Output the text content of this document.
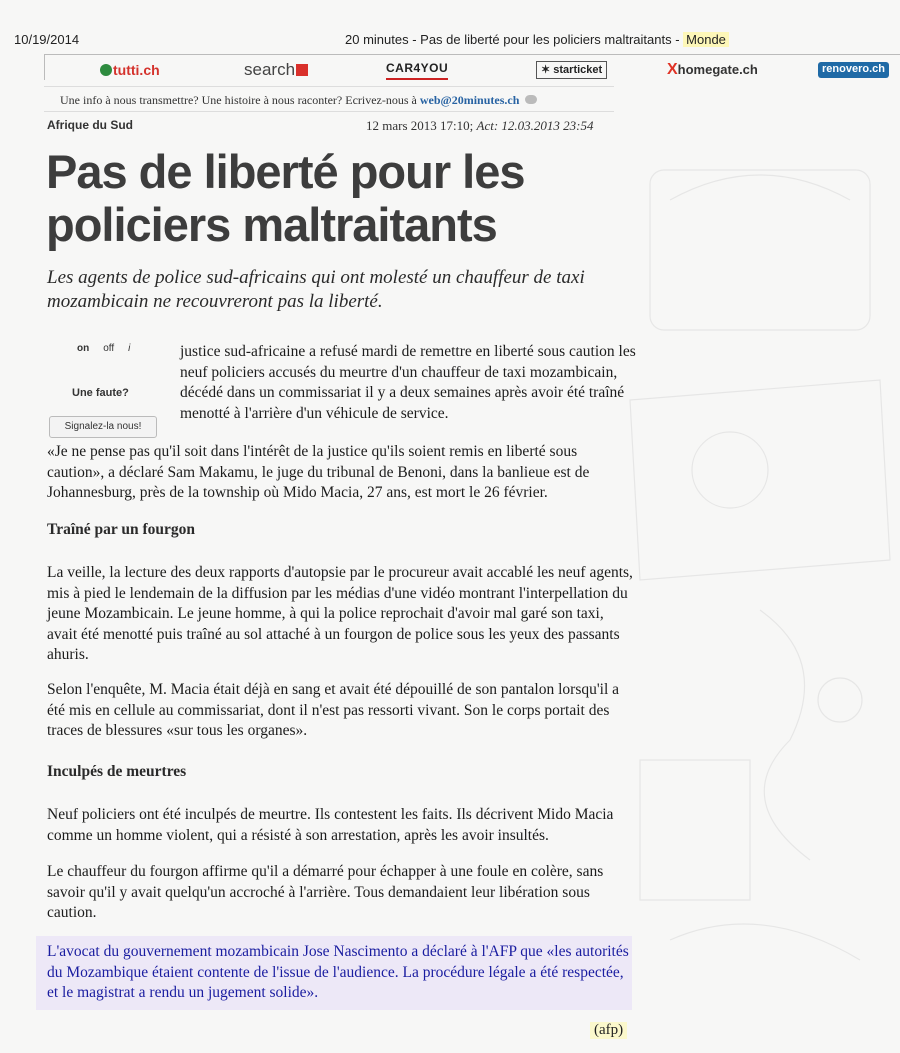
10/19/2014	20 minutes - Pas de liberté pour les policiers maltraitants - Monde
tutti.ch	search	CAR4YOU	✶ starticket	Xhomegate.ch	renovero.ch
Une info à nous transmettre? Une histoire à nous raconter? Ecrivez-nous à web@20minutes.ch
Afrique du Sud	12 mars 2013 17:10; Act: 12.03.2013 23:54
Pas de liberté pour les policiers maltraitants

Les agents de police sud-africains qui ont molesté un chauffeur de taxi mozambicain ne recouvreront pas la liberté.

on off i
Une faute?
Signalez-la nous!

justice sud-africaine a refusé mardi de remettre en liberté sous caution les neuf policiers accusés du meurtre d'un chauffeur de taxi mozambicain, décédé dans un commissariat il y a deux semaines après avoir été traîné menotté à l'arrière d'un véhicule de service.

«Je ne pense pas qu'il soit dans l'intérêt de la justice qu'ils soient remis en liberté sous caution», a déclaré Sam Makamu, le juge du tribunal de Benoni, dans la banlieue est de Johannesburg, près de la township où Mido Macia, 27 ans, est mort le 26 février.

Traîné par un fourgon

La veille, la lecture des deux rapports d'autopsie par le procureur avait accablé les neuf agents, mis à pied le lendemain de la diffusion par les médias d'une vidéo montrant l'interpellation du jeune Mozambicain. Le jeune homme, à qui la police reprochait d'avoir mal garé son taxi, avait été menotté puis traîné au sol attaché à un fourgon de police sous les yeux des passants ahuris.

Selon l'enquête, M. Macia était déjà en sang et avait été dépouillé de son pantalon lorsqu'il a été mis en cellule au commissariat, dont il n'est pas ressorti vivant. Son le corps portait des traces de blessures «sur tous les organes».

Inculpés de meurtres

Neuf policiers ont été inculpés de meurtre. Ils contestent les faits. Ils décrivent Mido Macia comme un homme violent, qui a résisté à son arrestation, après les avoir insultés.

Le chauffeur du fourgon affirme qu'il a démarré pour échapper à une foule en colère, sans savoir qu'il y avait quelqu'un accroché à l'arrière. Tous demandaient leur libération sous caution.

L'avocat du gouvernement mozambicain Jose Nascimento a déclaré à l'AFP que «les autorités du Mozambique étaient contente de l'issue de l'audience. La procédure légale a été respectée, et le magistrat a rendu un jugement solide».

(afp)
